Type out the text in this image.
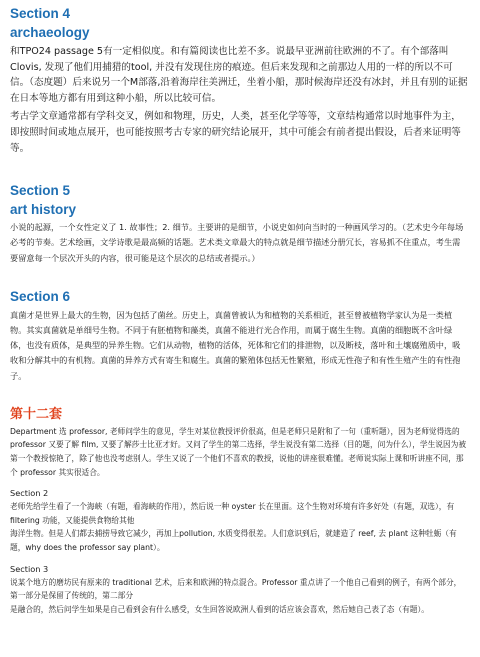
Section 4
archaeology

和TPO24 passage 5有一定相似度。和有篇阅读也比差不多。说最早亚洲前往欧洲的不了。有个部落叫Clovis, 发现了他们用捕猎的tool, 并没有发现住房的痕迹。但后来发现和之前那边人用的一样的所以不可信。（态度题）后来说另一个M部落,沿着海岸往美洲迁，坐着小船，那时候海岸还没有冰封，并且有别的证据在日本等地方都有用到这种小船，所以比较可信。

考古学文章通常都有学科交叉，例如和物理，历史，人类，甚至化学等等，文章结构通常以时地事件为主，即按照时间或地点展开，也可能按照考古专家的研究结论展开，其中可能会有前者提出假设，后者来证明等等。

Section 5
art history

小说的起源，一个女性定义了 1. 故事性；2. 细节。主要讲的是细节，小说史如何向当时的一种画风学习的。（艺术史今年每场必考的节奏。艺术绘画，文学诗歌是最高频的话题。艺术类文章最大的特点就是细节描述分册冗长，容易抓不住重点，考生需要留意每一个层次开头的内容，很可能是这个层次的总结或者提示。）

Section 6

真菌才是世界上最大的生物，因为包括了菌丝。历史上，真菌曾被认为和植物的关系相近，甚至曾被植物学家认为是一类植物。其实真菌就是单细号生物。不同于有胚植物和藻类，真菌不能进行光合作用，而属于腐生生物。真菌的细胞既不含叶绿体，也没有质体，是典型的异养生物。它们从动物，植物的活体，死体和它们的排泄物，以及断枝，落叶和土壤腐殖质中，吸收和分解其中的有机物。真菌的异养方式有寄生和腐生。真菌的繁殖体包括无性繁殖，形成无性孢子和有性生殖产生的有性孢子。

第十二套

Department 选 professor, 老师问学生的意见，学生对某位教授评价很高，但是老师只是附和了一句（重听题），因为老师觉得选的 professor 又要了解 film, 又要了解莎士比亚才好。又问了学生的第二选择，学生说没有第二选择（目的题，问为什么），学生说因为被第一个教授惊艳了，除了他也没考虑别人。学生又说了一个他们不喜欢的教授，说他的讲座很难懂。老师说实际上课和听讲座不同，那个 professor 其实很适合。

Section 2

老师先给学生看了一个海峡（有题，看海峡的作用），然后说一种 oyster 长在里面。这个生物对环境有许多好处（有题，双选），有 filtering 功能，又能提供食物给其他

海洋生物。但是人们都去捕捞导致它减少，再加上pollution, 水质变得很差。人们意识到后，就建造了 reef, 去 plant 这种牡蛎（有题，why does the professor say plant）。

Section 3

说某个地方的磨坊民有原来的 traditional 艺术，后来和欧洲的特点混合。Professor 重点讲了一个他自己看到的例子，有两个部分，第一部分是保留了传统的，第二部分

是融合的，然后问学生如果是自己看到会有什么感受，女生回答说欧洲人看到的话应该会喜欢，然后她自己表了态（有题）。
